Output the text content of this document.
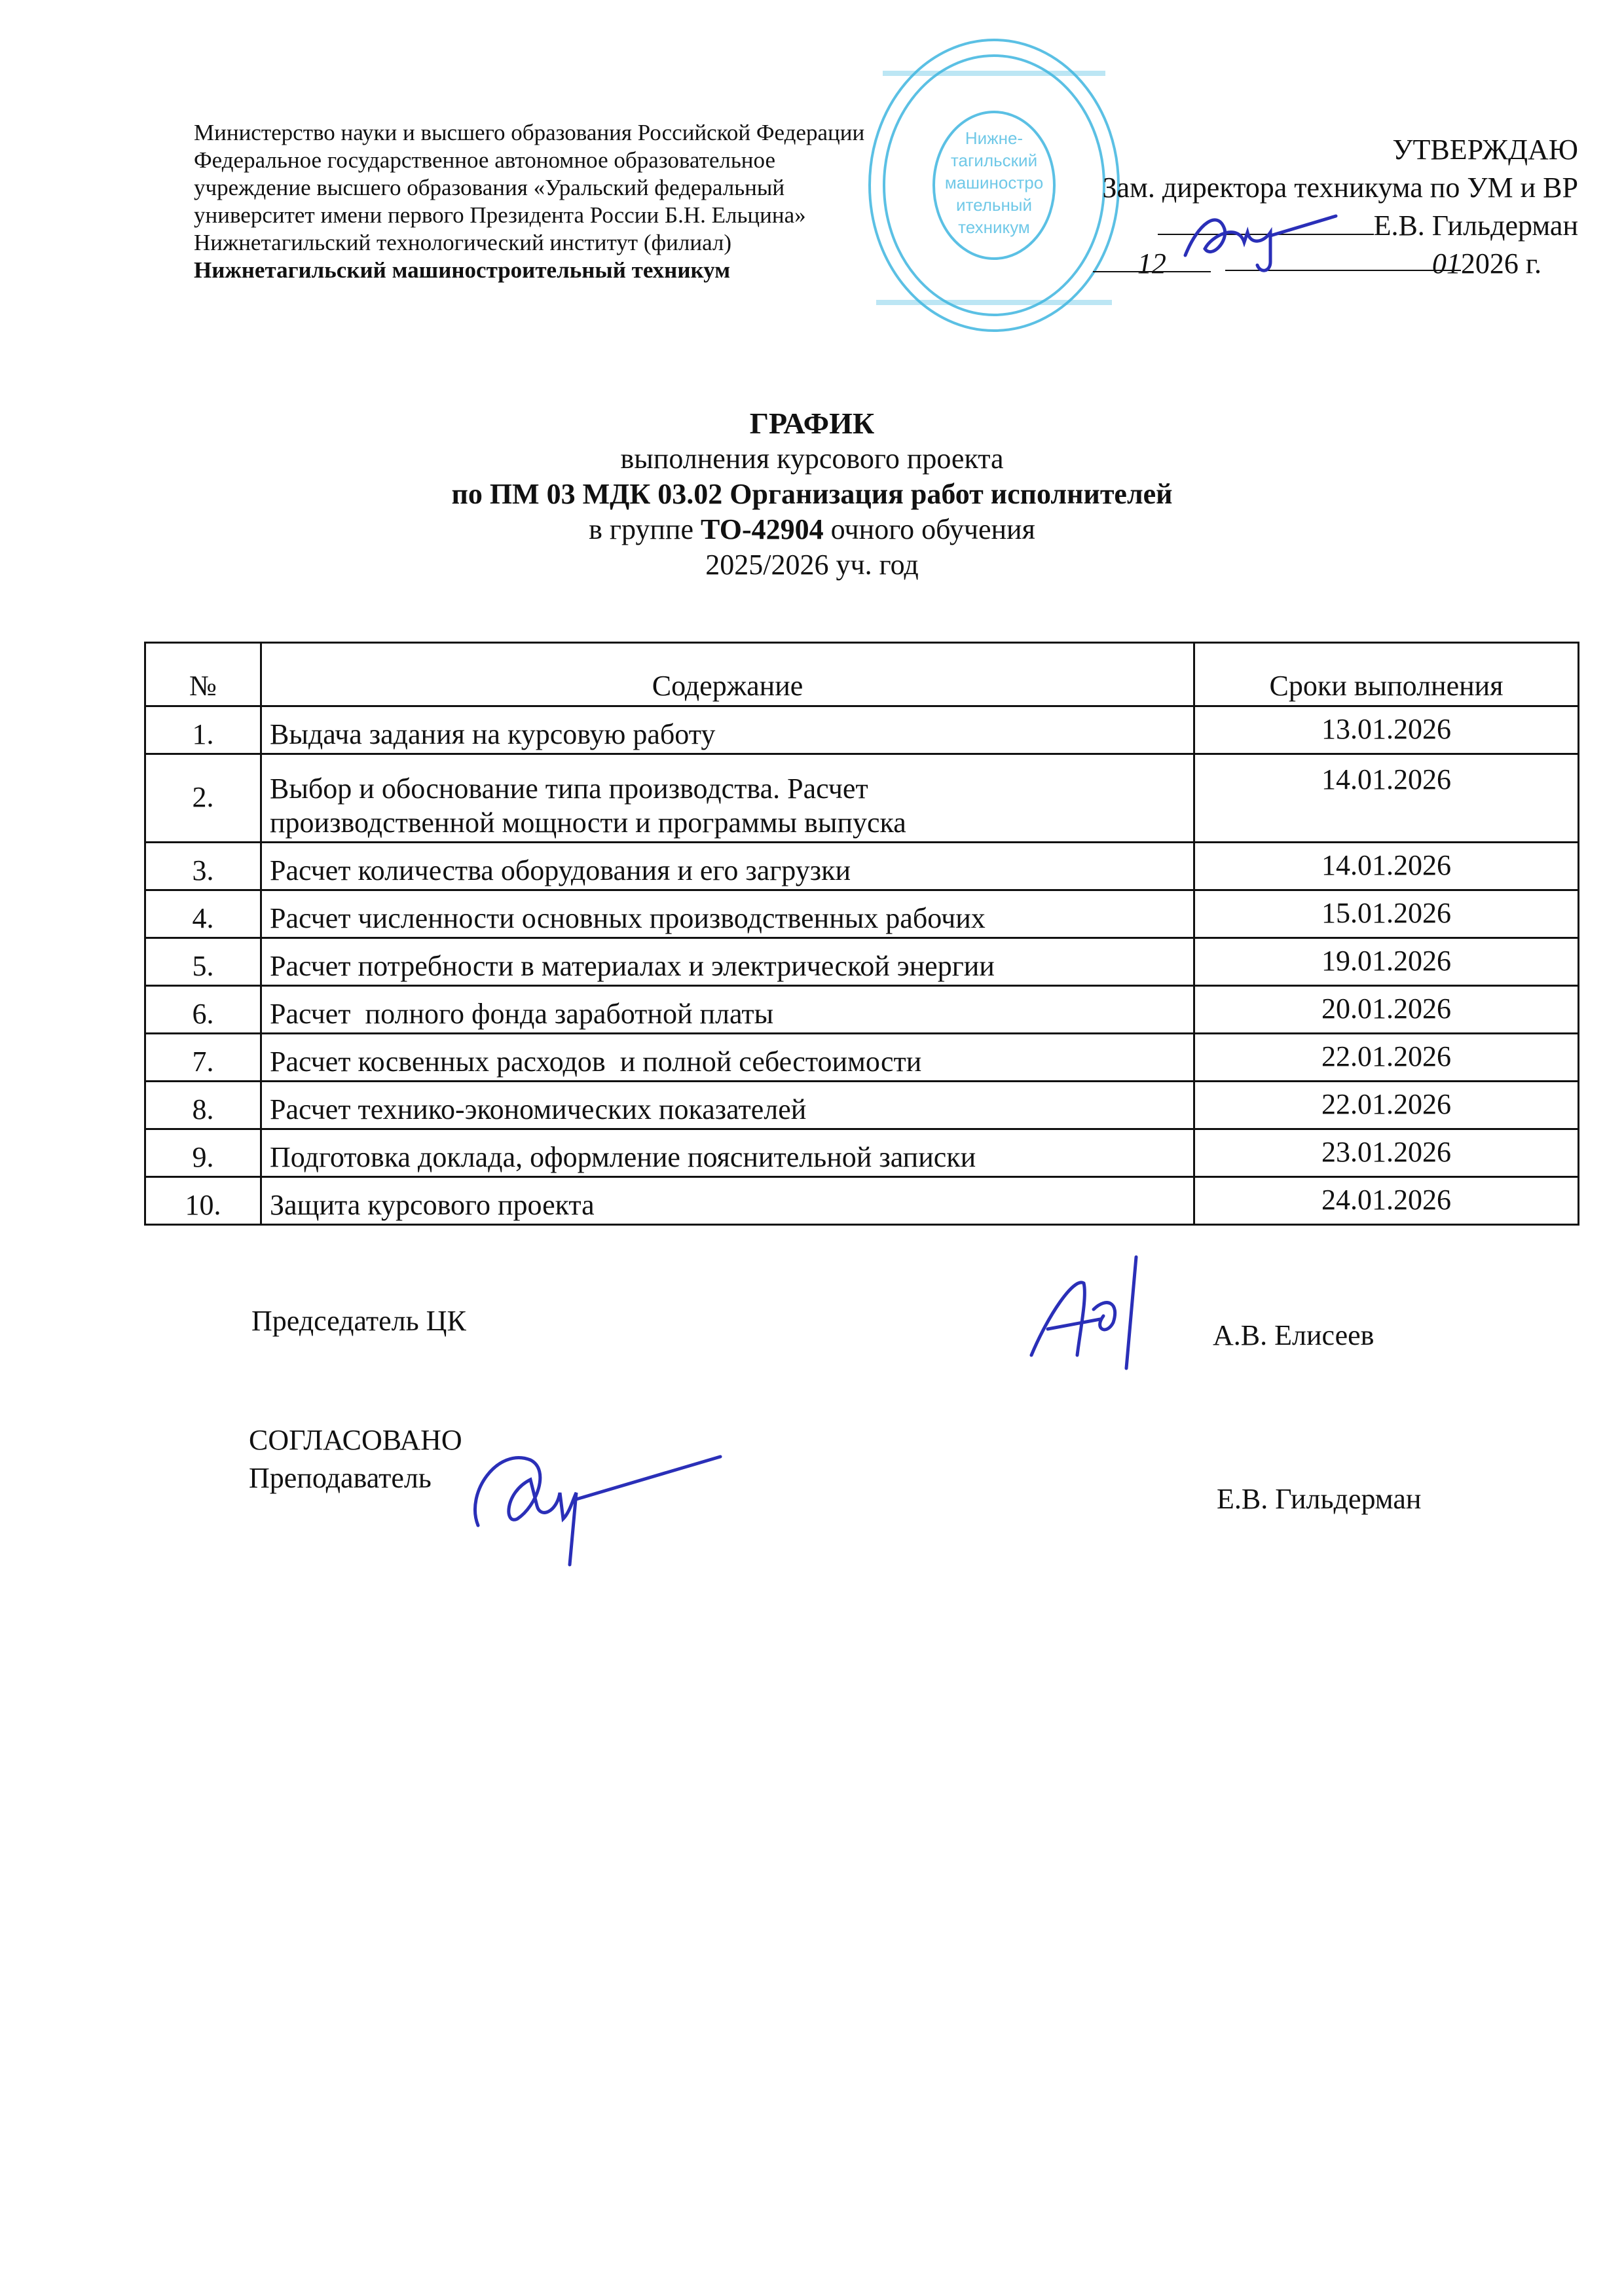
Министерство науки и высшего образования Российской Федерации
Федеральное государственное автономное образовательное
учреждение высшего образования «Уральский федеральный
университет имени первого Президента России Б.Н. Ельцина»
Нижнетагильский технологический институт (филиал)
Нижнетагильский машиностроительный техникум
Нижне-
тагильский
машинострo
ительный
техникум
УТВЕРЖДАЮ
Зам. директора техникума по УМ и ВР
Е.В. Гильдерман
12	012026 г.
ГРАФИК
выполнения курсового проекта
по ПМ 03 МДК 03.02 Организация работ исполнителей
в группе ТО-42904 очного обучения
2025/2026 уч. год
№	Содержание	Сроки выполнения
1.	Выдача задания на курсовую работу	13.01.2026
2.	Выбор и обоснование типа производства. Расчет производственной мощности и программы выпуска	14.01.2026
3.	Расчет количества оборудования и его загрузки	14.01.2026
4.	Расчет численности основных производственных рабочих	15.01.2026
5.	Расчет потребности в материалах и электрической энергии	19.01.2026
6.	Расчет  полного фонда заработной платы	20.01.2026
7.	Расчет косвенных расходов  и полной себестоимости	22.01.2026
8.	Расчет технико-экономических показателей	22.01.2026
9.	Подготовка доклада, оформление пояснительной записки	23.01.2026
10.	Защита курсового проекта	24.01.2026
Председатель ЦК	А.В. Елисеев
СОГЛАСОВАНО
Преподаватель
Е.В. Гильдерман
